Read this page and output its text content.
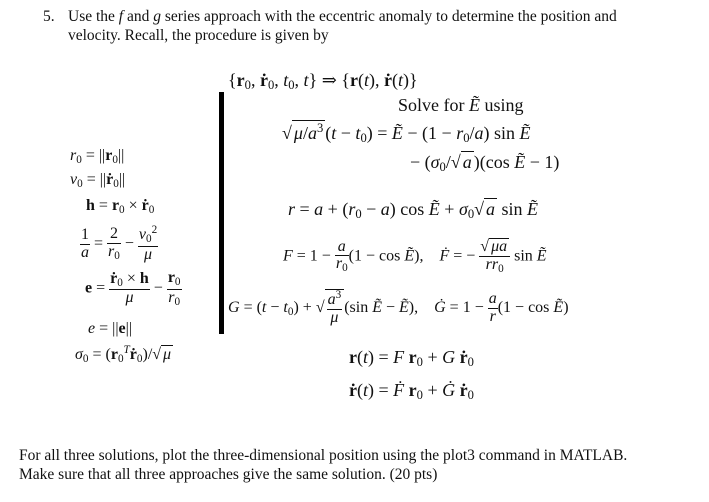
5. Use the f and g series approach with the eccentric anomaly to determine the position and
velocity. Recall, the procedure is given by
$r_0 = ||r_0||$
$v_0$ = ||ṙ$_0$||
$h = r_0$ × ṙ$_0$
$\frac{1}{a} = \frac{2}{r_0} - \frac{v_0^2}{\mu}$
$e = \frac{ṙ_0 \times h}{\mu} - \frac{r_0}{r_0}$
e = ||e||
$\sigma_0$ = $(r_0^Tṙ_0)/√$ μ
{$r_0$, ṙ$_0$, $t_0$, t} ⇒ {r(t), ṙ(t)}
Solve for Ẽ using
√ $\mu/a^3$ $(t - t_0)$ = Ẽ − $(1 - r_0/a)$ sin Ẽ
− ($\sigma_0/√$ a )(cos Ẽ − 1)
$r = a + (r_0 - a)$ cos Ẽ + $\sigma_0√$ a sin Ẽ
$F = 1 - \frac{a}{r_0} (1 - \cos$ Ẽ),    Ḟ = − $\frac{√ \mu a}{rr_0}$ sin Ẽ
$G = (t - t_0)$ + √ $\frac{a^3}{\mu} (\sin$ Ẽ − Ẽ),    Ġ = $1 - \frac{a}{r} (1 - \cos$ Ẽ)
r(t) = F $r_0 + G$ ṙ$_0$
ṙ(t) = Ḟ $r_0$ + Ġ ṙ$_0$
For all three solutions, plot the three-dimensional position using the plot3 command in MATLAB.
Make sure that all three approaches give the same solution. (20 pts)
